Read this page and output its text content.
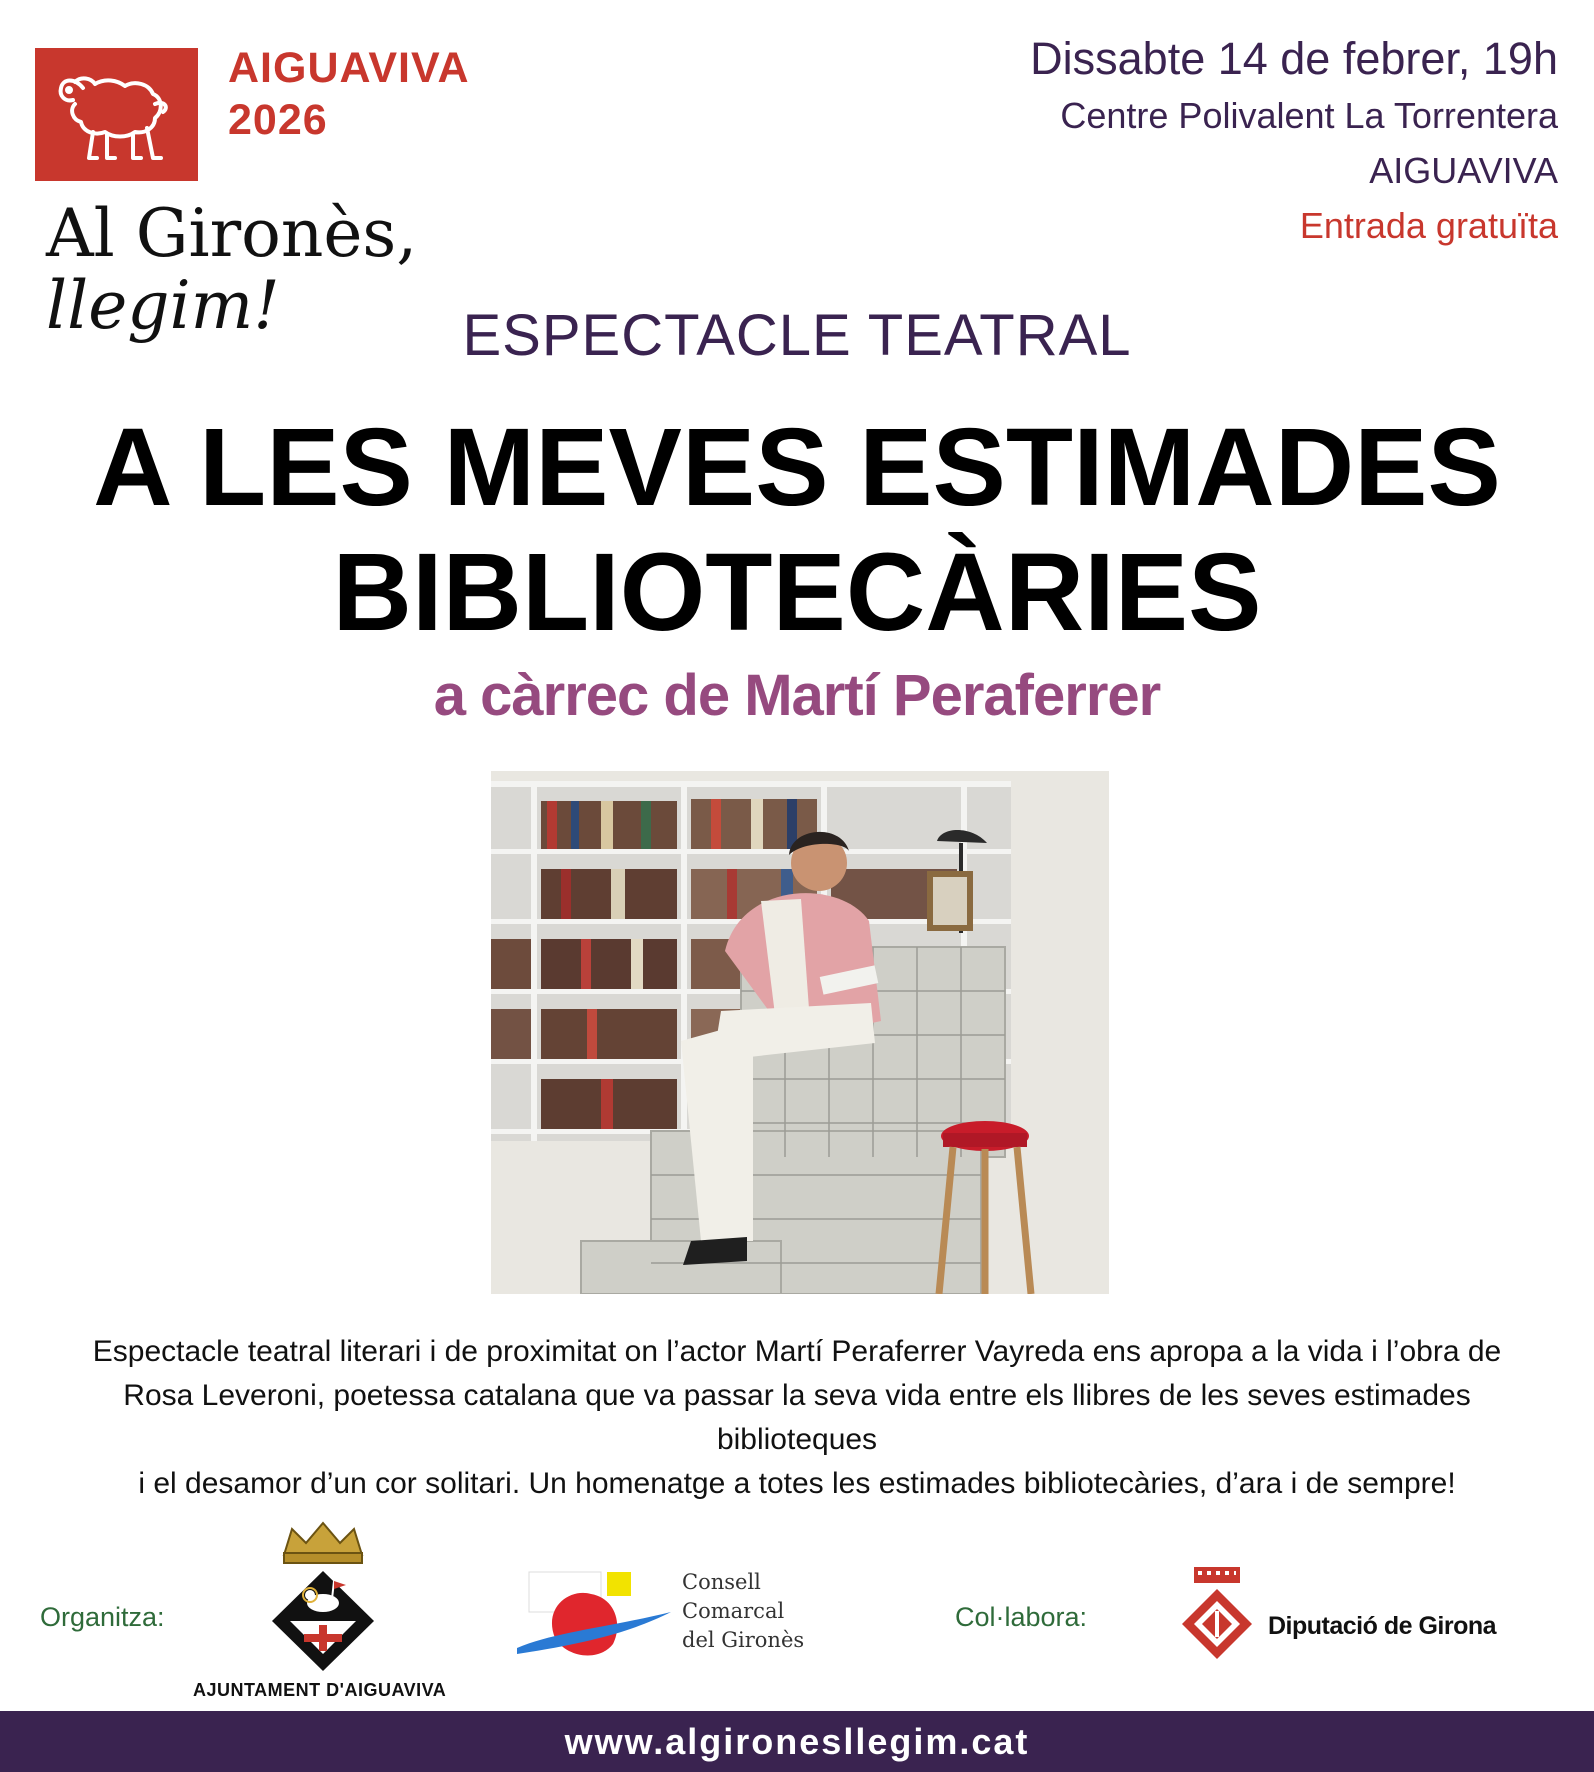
AIGUAVIVA
2026
Al Gironès,
llegim!
Dissabte 14 de febrer, 19h
Centre Polivalent La Torrentera
AIGUAVIVA
Entrada gratuïta
ESPECTACLE TEATRAL
A LES MEVES ESTIMADES
BIBLIOTECÀRIES
a càrrec de Martí Peraferrer
Espectacle teatral literari i de proximitat on l’actor Martí Peraferrer Vayreda ens apropa a la vida i l’obra de
Rosa Leveroni, poetessa catalana que va passar la seva vida entre els llibres de les seves estimades biblioteques
i el desamor d’un cor solitari. Un homenatge a totes les estimades bibliotecàries, d’ara i de sempre!
Organitza:
AJUNTAMENT D'AIGUAVIVA
Consell
Comarcal
del Gironès
Col·labora:	Diputació de Girona
www.algironesllegim.cat
